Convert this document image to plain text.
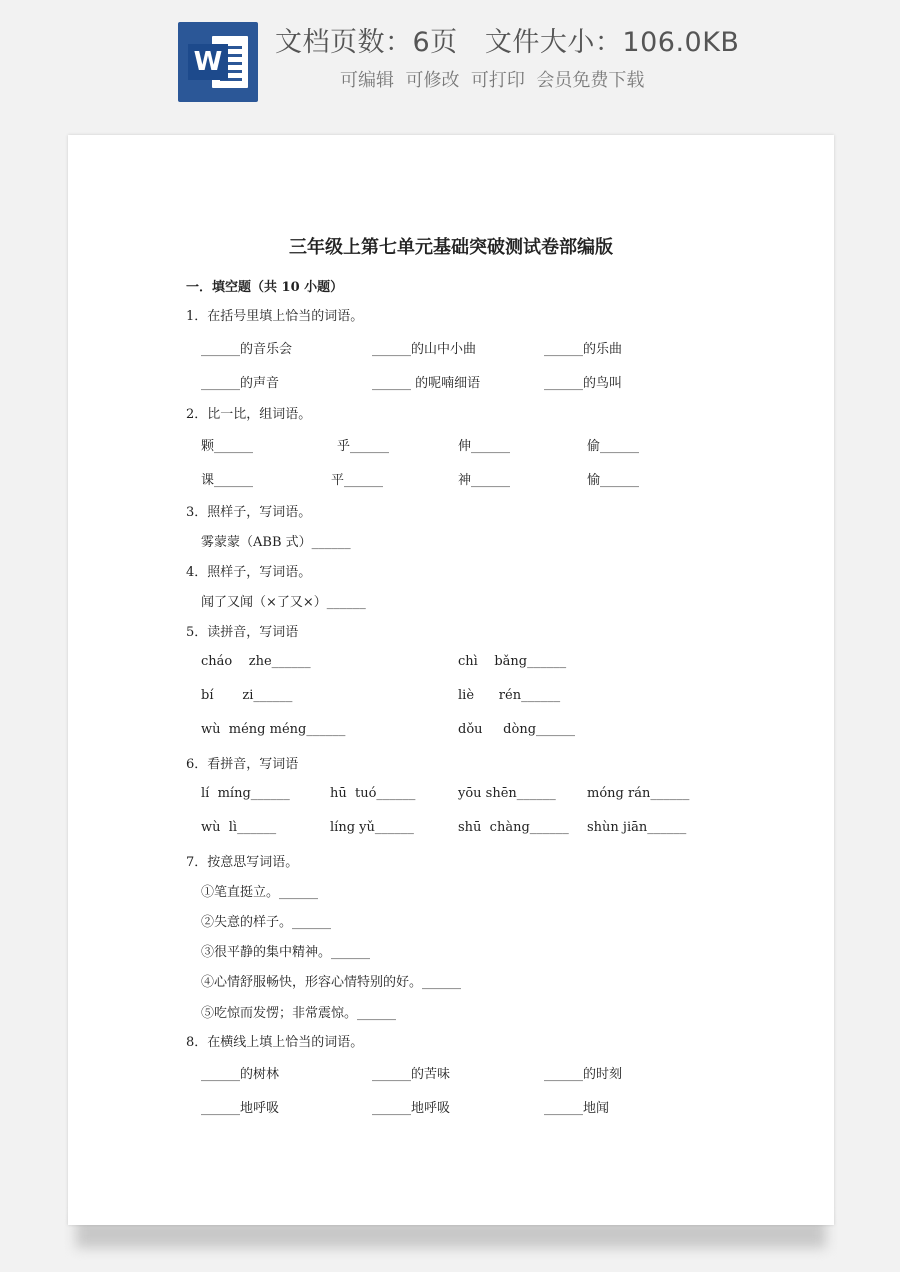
W
文档页数：6页   文件大小：106.0KB
可编辑  可修改  可打印  会员免费下载
三年级上第七单元基础突破测试卷部编版
一．填空题（共 10 小题）
1．在括号里填上恰当的词语。
______的音乐会	______的山中小曲	______的乐曲
______的声音	______ 的呢喃细语	______的鸟叫
2．比一比，组词语。
颗______	乎______	伸______	偷______
课______	平______	神______	愉______
3．照样子，写词语。
雾蒙蒙（ABB 式）______
4．照样子，写词语。
闻了又闻（×了又×）______
5．读拼音，写词语
cháo    zhe______	chì    bǎng______
bí       zi______	liè      rén______
wù  méng méng______	dǒu     dòng______
6．看拼音，写词语
lí  míng______	hū  tuó______	yōu shēn______ móng rán______
wù  lì______	líng yǔ______	shū  chàng______ shùn jiān______
7．按意思写词语。
①笔直挺立。______
②失意的样子。______
③很平静的集中精神。______
④心情舒服畅快，形容心情特别的好。______
⑤吃惊而发愣；非常震惊。______
8．在横线上填上恰当的词语。
______的树林	______的苦味	______的时刻
______地呼吸	______地呼吸	______地闻
